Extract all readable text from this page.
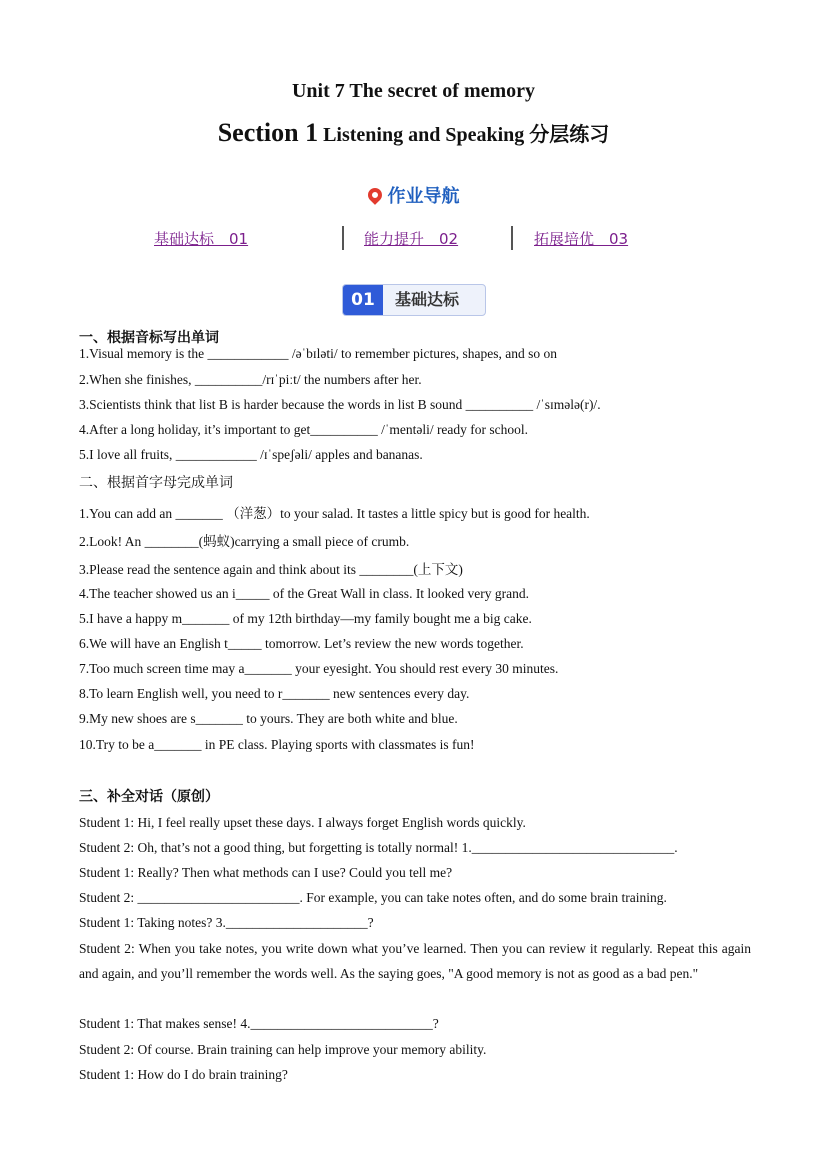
Unit 7 The secret of memory
Section 1 Listening and Speaking 分层练习
作业导航
基础达标　01	能力提升　02	拓展培优　03
01	基础达标
一、根据音标写出单词
1.Visual memory is the ____________ /əˈbɪləti/ to remember pictures, shapes, and so on
2.When she finishes, __________/rɪˈpiːt/ the numbers after her.
3.Scientists think that list B is harder because the words in list B sound __________ /ˈsɪmələ(r)/.
4.After a long holiday, it’s important to get__________ /ˈmentəli/ ready for school.
5.I love all fruits, ____________ /ɪˈspeʃəli/ apples and bananas.
二、根据首字母完成单词
1.You can add an _______ （洋葱）to your salad. It tastes a little spicy but is good for health.
2.Look! An ________(蚂蚁)carrying a small piece of crumb.
3.Please read the sentence again and think about its ________(上下文)
4.The teacher showed us an i_____ of the Great Wall in class. It looked very grand.
5.I have a happy m_______ of my 12th birthday—my family bought me a big cake.
6.We will have an English t_____ tomorrow. Let’s review the new words together.
7.Too much screen time may a_______ your eyesight. You should rest every 30 minutes.
8.To learn English well, you need to r_______ new sentences every day.
9.My new shoes are s_______ to yours. They are both white and blue.
10.Try to be a_______ in PE class. Playing sports with classmates is fun!
三、补全对话（原创）
Student 1: Hi, I feel really upset these days. I always forget English words quickly.
Student 2: Oh, that’s not a good thing, but forgetting is totally normal! 1.______________________________.
Student 1: Really? Then what methods can I use? Could you tell me?
Student 2: ________________________. For example, you can take notes often, and do some brain training.
Student 1: Taking notes? 3._____________________?
Student 2: When you take notes, you write down what you’ve learned. Then you can review it regularly. Repeat this again and again, and you’ll remember the words well. As the saying goes, "A good memory is not as good as a bad pen."
Student 1: That makes sense! 4.___________________________?
Student 2: Of course. Brain training can help improve your memory ability.
Student 1: How do I do brain training?
